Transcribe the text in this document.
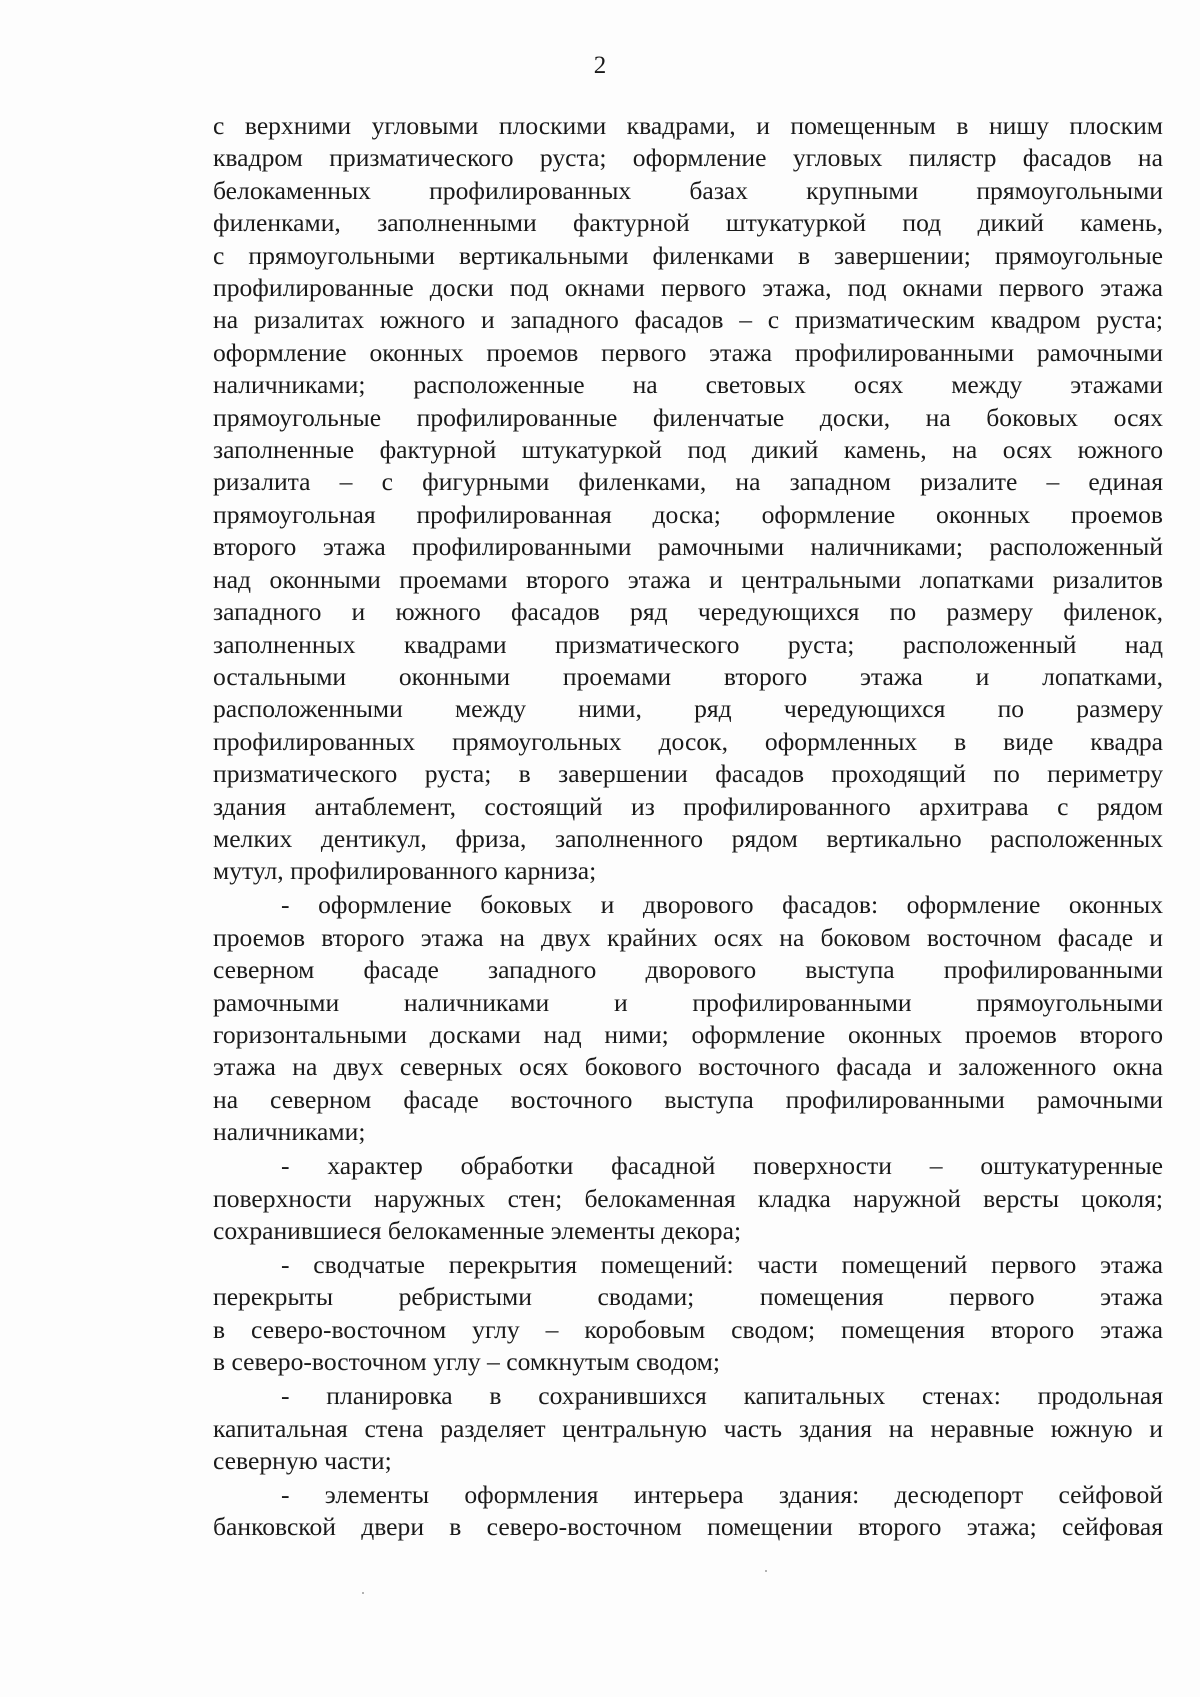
2
с верхними угловыми плоскими квадрами, и помещенным в нишу плоским
квадром призматического руста; оформление угловых пилястр фасадов на
белокаменных профилированных базах крупными прямоугольными
филенками, заполненными фактурной штукатуркой под дикий камень,
с прямоугольными вертикальными филенками в завершении; прямоугольные
профилированные доски под окнами первого этажа, под окнами первого этажа
на ризалитах южного и западного фасадов – с призматическим квадром руста;
оформление оконных проемов первого этажа профилированными рамочными
наличниками; расположенные на световых осях между этажами
прямоугольные профилированные филенчатые доски, на боковых осях
заполненные фактурной штукатуркой под дикий камень, на осях южного
ризалита – с фигурными филенками, на западном ризалите – единая
прямоугольная профилированная доска; оформление оконных проемов
второго этажа профилированными рамочными наличниками; расположенный
над оконными проемами второго этажа и центральными лопатками ризалитов
западного и южного фасадов ряд чередующихся по размеру филенок,
заполненных квадрами призматического руста; расположенный над
остальными оконными проемами второго этажа и лопатками,
расположенными между ними, ряд чередующихся по размеру
профилированных прямоугольных досок, оформленных в виде квадра
призматического руста; в завершении фасадов проходящий по периметру
здания антаблемент, состоящий из профилированного архитрава с рядом
мелких дентикул, фриза, заполненного рядом вертикально расположенных
мутул, профилированного карниза;
- оформление боковых и дворового фасадов: оформление оконных
проемов второго этажа на двух крайних осях на боковом восточном фасаде и
северном фасаде западного дворового выступа профилированными
рамочными наличниками и профилированными прямоугольными
горизонтальными досками над ними; оформление оконных проемов второго
этажа на двух северных осях бокового восточного фасада и заложенного окна
на северном фасаде восточного выступа профилированными рамочными
наличниками;
- характер обработки фасадной поверхности – оштукатуренные
поверхности наружных стен; белокаменная кладка наружной версты цоколя;
сохранившиеся белокаменные элементы декора;
- сводчатые перекрытия помещений: части помещений первого этажа
перекрыты ребристыми сводами; помещения первого этажа
в северо-восточном углу – коробовым сводом; помещения второго этажа
в северо-восточном углу – сомкнутым сводом;
- планировка в сохранившихся капитальных стенах: продольная
капитальная стена разделяет центральную часть здания на неравные южную и
северную части;
- элементы оформления интерьера здания: десюдепорт сейфовой
банковской двери в северо-восточном помещении второго этажа; сейфовая
